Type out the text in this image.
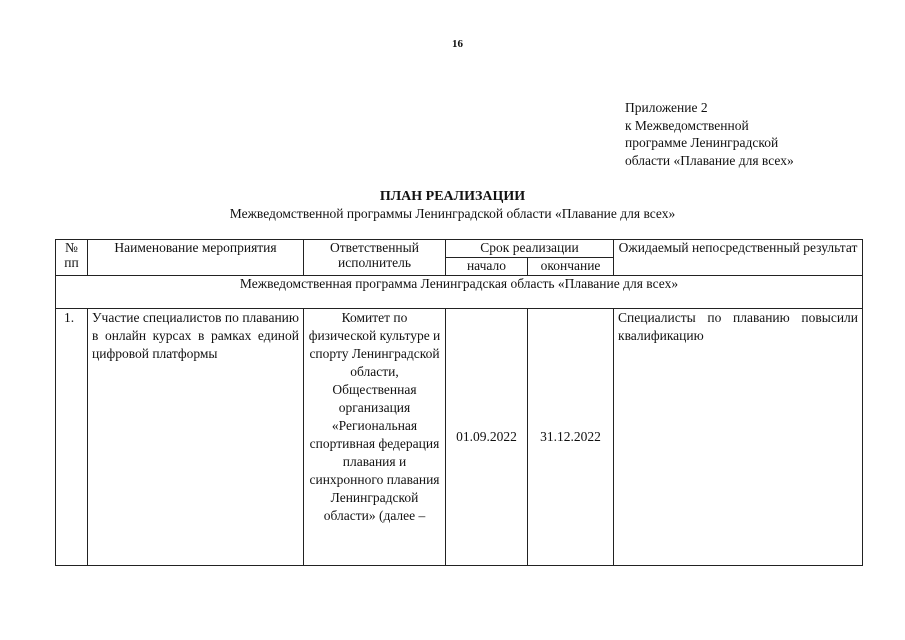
16
Приложение 2
к Межведомственной
программе Ленинградской
области «Плавание для всех»
ПЛАН РЕАЛИЗАЦИИ
Межведомственной программы Ленинградской области «Плавание для всех»
№ пп	Наименование мероприятия	Ответственный исполнитель	Срок реализации		Ожидаемый непосредственный результат
			начало	окончание	
Межведомственная программа Ленинградская область «Плавание для всех»					
1.	Участие специалистов по плаванию в онлайн курсах в рамках единой цифровой платформы	Комитет по физической культуре и спорту Ленинградской области, Общественная организация «Региональная спортивная федерация плавания и синхронного плавания Ленинградской области» (далее –	01.09.2022	31.12.2022	Специалисты по плаванию повысили квалификацию
